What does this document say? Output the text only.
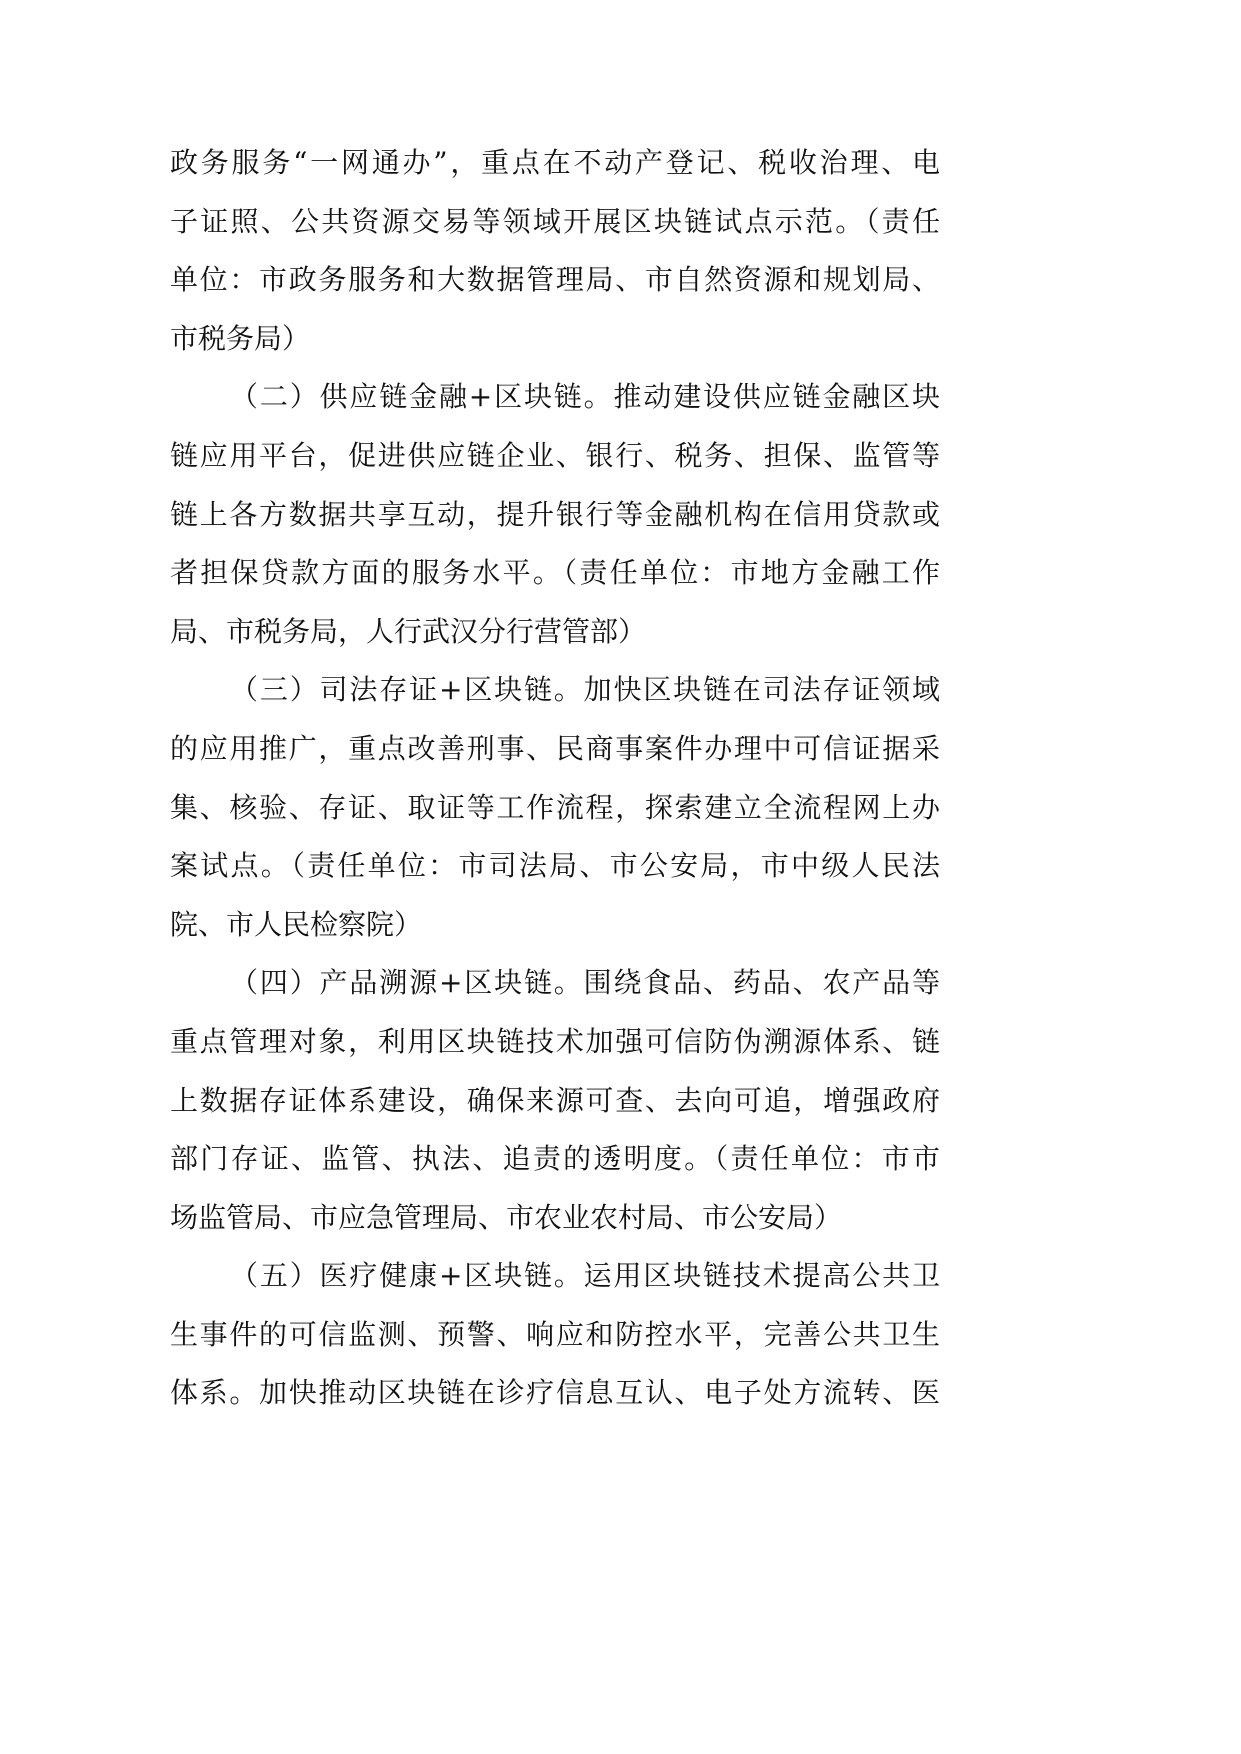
政务服务“一网通办”，重点在不动产登记、税收治理、电
子证照、公共资源交易等领域开展区块链试点示范。（责任
单位：市政务服务和大数据管理局、市自然资源和规划局、
市税务局）
（二）供应链金融+区块链。推动建设供应链金融区块
链应用平台，促进供应链企业、银行、税务、担保、监管等
链上各方数据共享互动，提升银行等金融机构在信用贷款或
者担保贷款方面的服务水平。（责任单位：市地方金融工作
局、市税务局，人行武汉分行营管部）
（三）司法存证+区块链。加快区块链在司法存证领域
的应用推广，重点改善刑事、民商事案件办理中可信证据采
集、核验、存证、取证等工作流程，探索建立全流程网上办
案试点。（责任单位：市司法局、市公安局，市中级人民法
院、市人民检察院）
（四）产品溯源+区块链。围绕食品、药品、农产品等
重点管理对象，利用区块链技术加强可信防伪溯源体系、链
上数据存证体系建设，确保来源可查、去向可追，增强政府
部门存证、监管、执法、追责的透明度。（责任单位：市市
场监管局、市应急管理局、市农业农村局、市公安局）
（五）医疗健康+区块链。运用区块链技术提高公共卫
生事件的可信监测、预警、响应和防控水平，完善公共卫生
体系。加快推动区块链在诊疗信息互认、电子处方流转、医
